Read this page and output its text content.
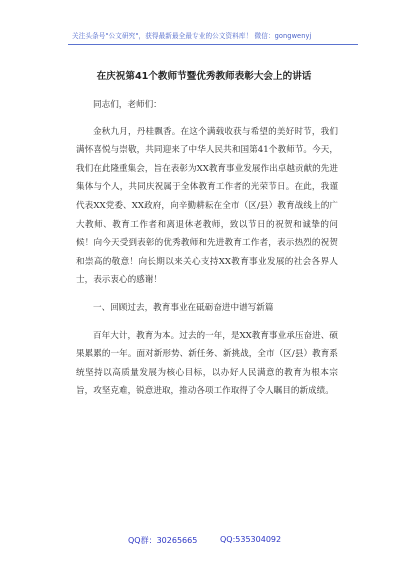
关注头条号"公文研究"，获得最新最全最专业的公文资料库！ 微信：gongwenyj
在庆祝第41个教师节暨优秀教师表彰大会上的讲话

同志们，老师们：

金秋九月，丹桂飘香。在这个满载收获与希望的美好时节，我们满怀喜悦与崇敬，共同迎来了中华人民共和国第41个教师节。今天，我们在此隆重集会，旨在表彰为XX教育事业发展作出卓越贡献的先进集体与个人，共同庆祝属于全体教育工作者的光荣节日。在此，我谨代表XX党委、XX政府，向辛勤耕耘在全市（区/县）教育战线上的广大教师、教育工作者和离退休老教师，致以节日的祝贺和诚挚的问候！向今天受到表彰的优秀教师和先进教育工作者，表示热烈的祝贺和崇高的敬意！向长期以来关心支持XX教育事业发展的社会各界人士，表示衷心的感谢！

一、回顾过去，教育事业在砥砺奋进中谱写新篇

百年大计，教育为本。过去的一年，是XX教育事业承压奋进、硕果累累的一年。面对新形势、新任务、新挑战，全市（区/县）教育系统坚持以高质量发展为核心目标，以办好人民满意的教育为根本宗旨，攻坚克难，锐意进取，推动各项工作取得了令人瞩目的新成绩。

QQ群：30265665	QQ:535304092
